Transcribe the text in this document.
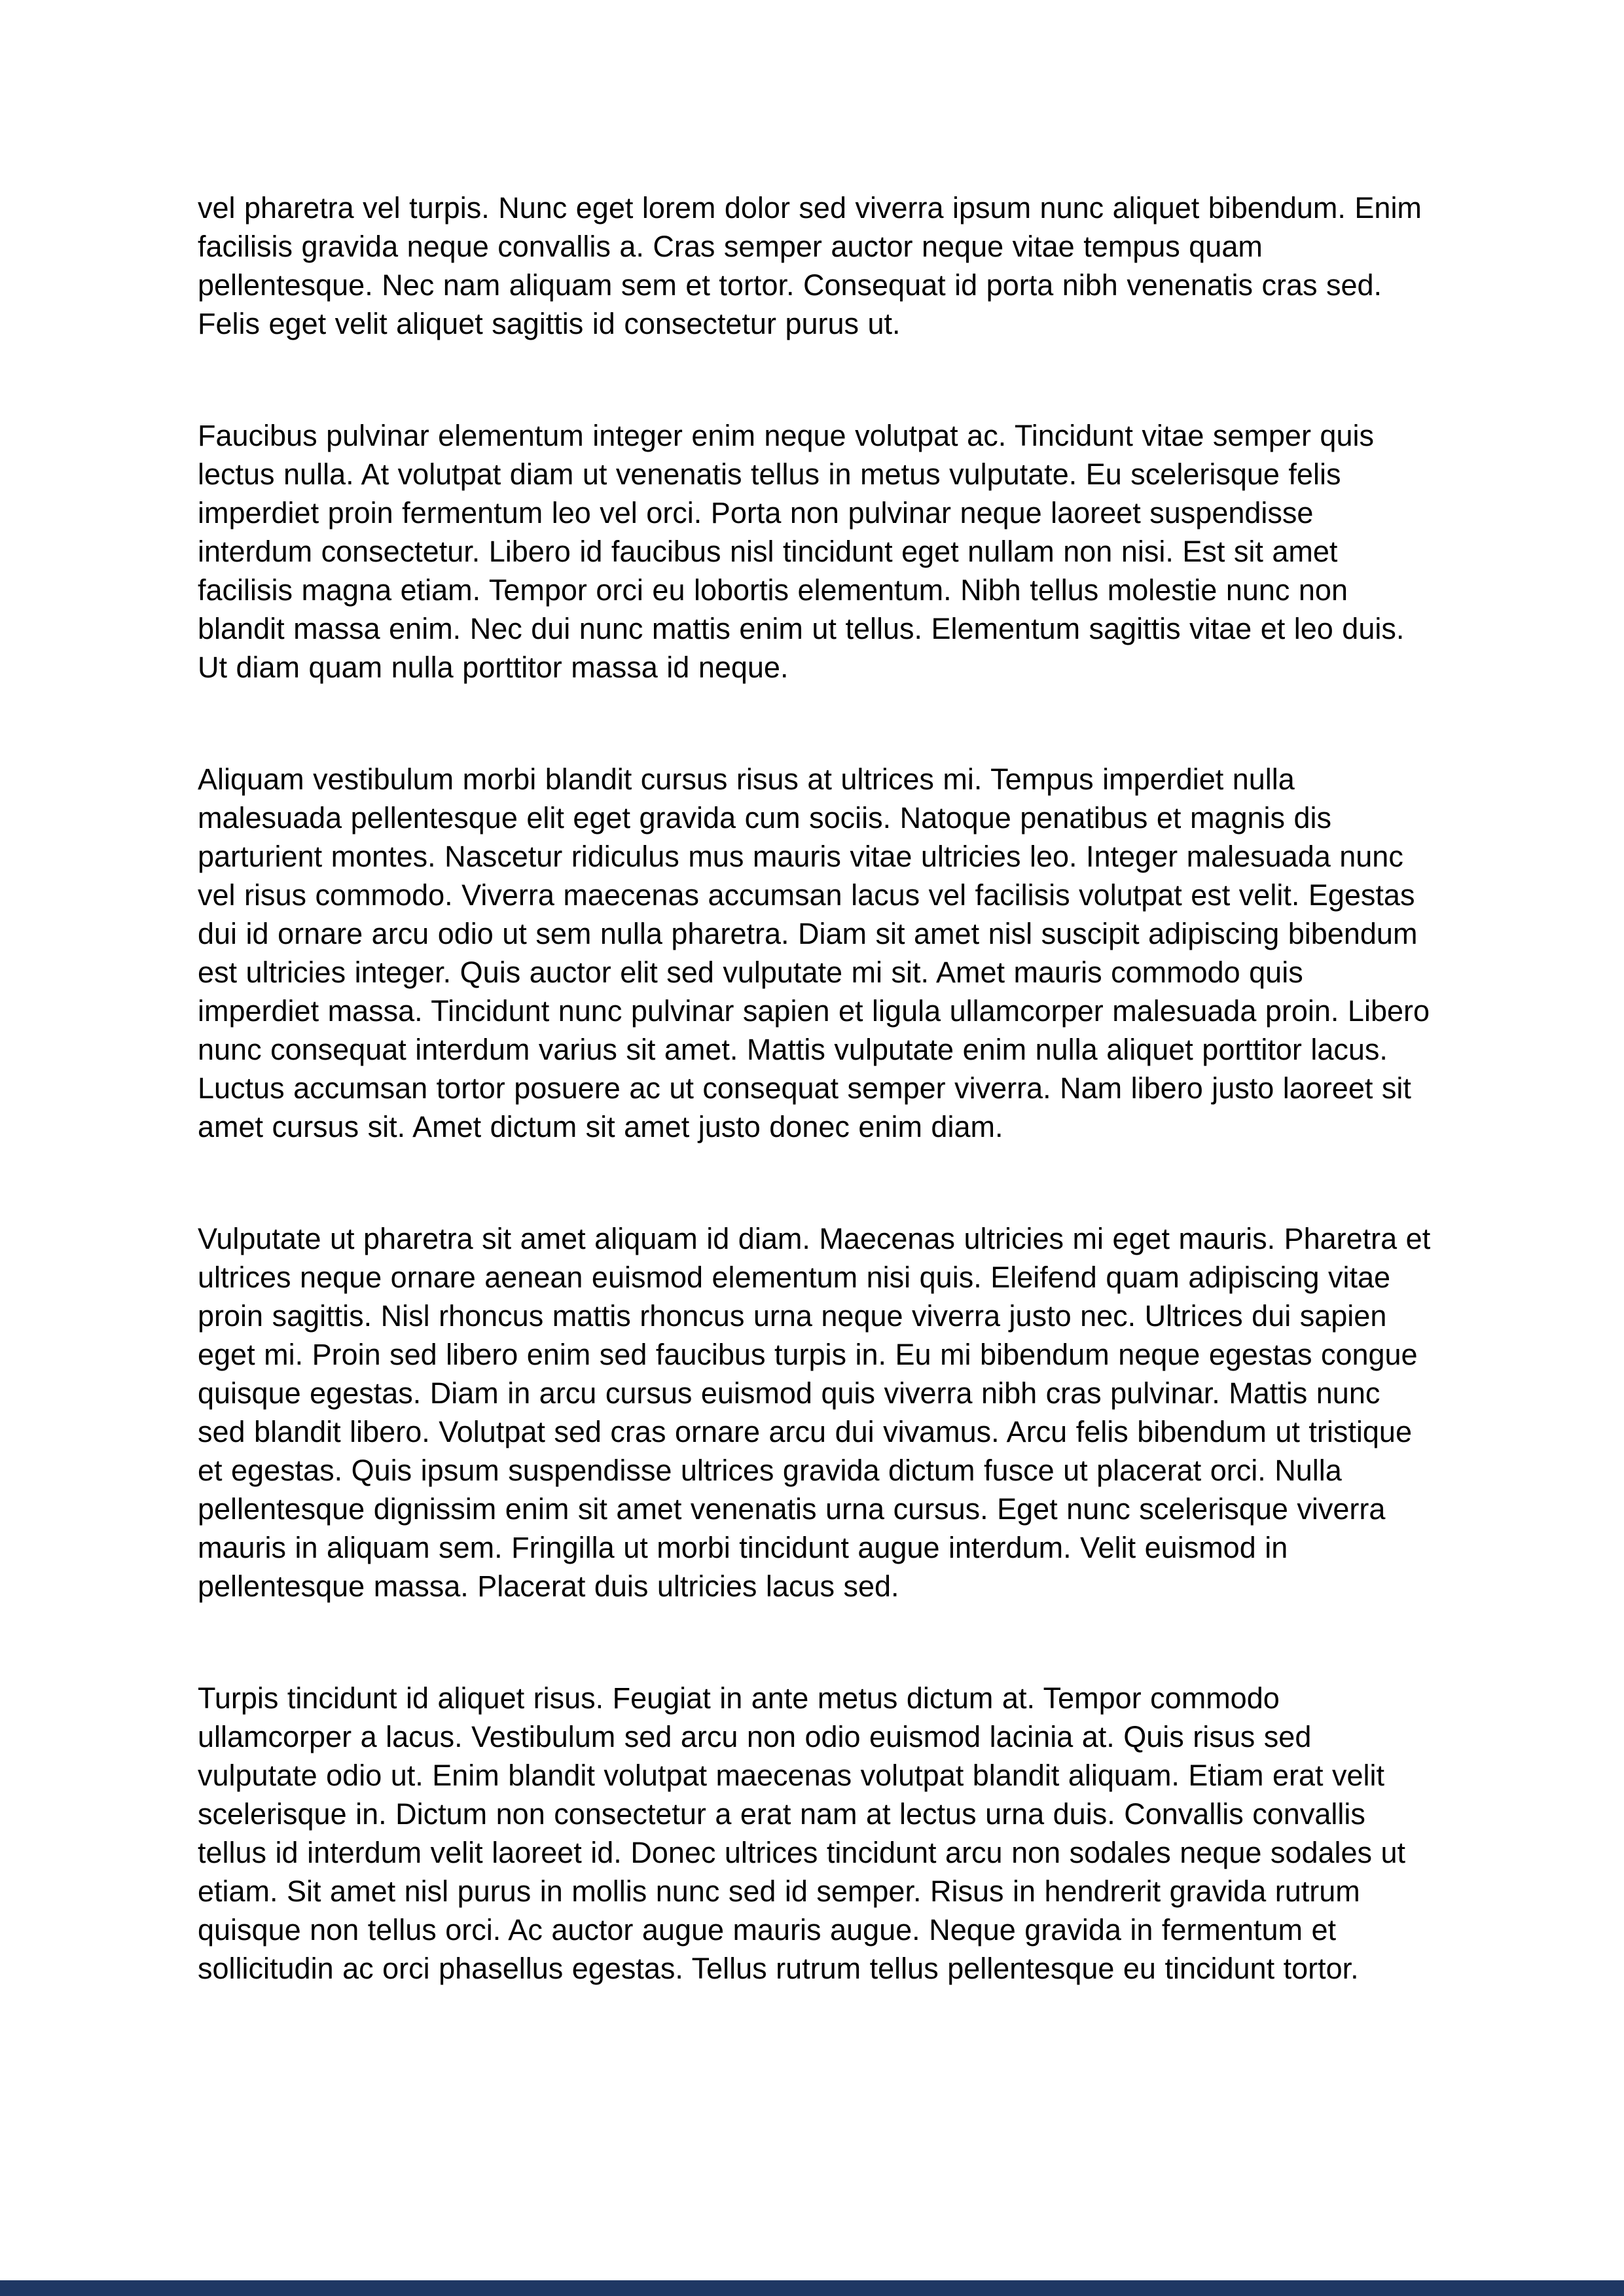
vel pharetra vel turpis. Nunc eget lorem dolor sed viverra ipsum nunc aliquet bibendum. Enim facilisis gravida neque convallis a. Cras semper auctor neque vitae tempus quam pellentesque. Nec nam aliquam sem et tortor. Consequat id porta nibh venenatis cras sed. Felis eget velit aliquet sagittis id consectetur purus ut.

Faucibus pulvinar elementum integer enim neque volutpat ac. Tincidunt vitae semper quis lectus nulla. At volutpat diam ut venenatis tellus in metus vulputate. Eu scelerisque felis imperdiet proin fermentum leo vel orci. Porta non pulvinar neque laoreet suspendisse interdum consectetur. Libero id faucibus nisl tincidunt eget nullam non nisi. Est sit amet facilisis magna etiam. Tempor orci eu lobortis elementum. Nibh tellus molestie nunc non blandit massa enim. Nec dui nunc mattis enim ut tellus. Elementum sagittis vitae et leo duis. Ut diam quam nulla porttitor massa id neque.

Aliquam vestibulum morbi blandit cursus risus at ultrices mi. Tempus imperdiet nulla malesuada pellentesque elit eget gravida cum sociis. Natoque penatibus et magnis dis parturient montes. Nascetur ridiculus mus mauris vitae ultricies leo. Integer malesuada nunc vel risus commodo. Viverra maecenas accumsan lacus vel facilisis volutpat est velit. Egestas dui id ornare arcu odio ut sem nulla pharetra. Diam sit amet nisl suscipit adipiscing bibendum est ultricies integer. Quis auctor elit sed vulputate mi sit. Amet mauris commodo quis imperdiet massa. Tincidunt nunc pulvinar sapien et ligula ullamcorper malesuada proin. Libero nunc consequat interdum varius sit amet. Mattis vulputate enim nulla aliquet porttitor lacus. Luctus accumsan tortor posuere ac ut consequat semper viverra. Nam libero justo laoreet sit amet cursus sit. Amet dictum sit amet justo donec enim diam.

Vulputate ut pharetra sit amet aliquam id diam. Maecenas ultricies mi eget mauris. Pharetra et ultrices neque ornare aenean euismod elementum nisi quis. Eleifend quam adipiscing vitae proin sagittis. Nisl rhoncus mattis rhoncus urna neque viverra justo nec. Ultrices dui sapien eget mi. Proin sed libero enim sed faucibus turpis in. Eu mi bibendum neque egestas congue quisque egestas. Diam in arcu cursus euismod quis viverra nibh cras pulvinar. Mattis nunc sed blandit libero. Volutpat sed cras ornare arcu dui vivamus. Arcu felis bibendum ut tristique et egestas. Quis ipsum suspendisse ultrices gravida dictum fusce ut placerat orci. Nulla pellentesque dignissim enim sit amet venenatis urna cursus. Eget nunc scelerisque viverra mauris in aliquam sem. Fringilla ut morbi tincidunt augue interdum. Velit euismod in pellentesque massa. Placerat duis ultricies lacus sed.

Turpis tincidunt id aliquet risus. Feugiat in ante metus dictum at. Tempor commodo ullamcorper a lacus. Vestibulum sed arcu non odio euismod lacinia at. Quis risus sed vulputate odio ut. Enim blandit volutpat maecenas volutpat blandit aliquam. Etiam erat velit scelerisque in. Dictum non consectetur a erat nam at lectus urna duis. Convallis convallis tellus id interdum velit laoreet id. Donec ultrices tincidunt arcu non sodales neque sodales ut etiam. Sit amet nisl purus in mollis nunc sed id semper. Risus in hendrerit gravida rutrum quisque non tellus orci. Ac auctor augue mauris augue. Neque gravida in fermentum et sollicitudin ac orci phasellus egestas. Tellus rutrum tellus pellentesque eu tincidunt tortor.
